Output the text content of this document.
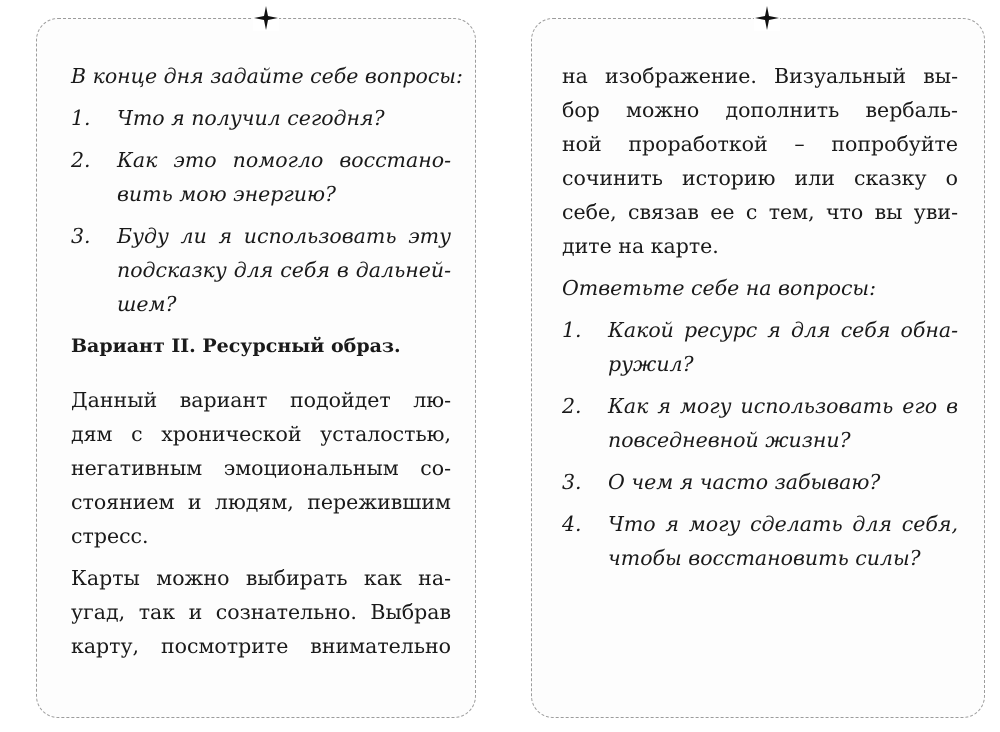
В конце дня задайте себе вопросы:
1.	Что я получил сегодня?
2.	Как это помогло восстано-
вить мою энергию?
3.	Буду ли я использовать эту
подсказку для себя в дальней-
шем?
Вариант II. Ресурсный образ.
Данный вариант подойдет лю-
дям с хронической усталостью,
негативным эмоциональным со-
стоянием и людям, пережившим
стресс.
Карты можно выбирать как на-
угад, так и сознательно. Выбрав
карту, посмотрите внимательно
на изображение. Визуальный вы-
бор можно дополнить вербаль-
ной проработкой – попробуйте
сочинить историю или сказку о
себе, связав ее с тем, что вы уви-
дите на карте.
Ответьте себе на вопросы:
1.	Какой ресурс я для себя обна-
ружил?
2.	Как я могу использовать его в
повседневной жизни?
3.	О чем я часто забываю?
4.	Что я могу сделать для себя,
чтобы восстановить силы?
